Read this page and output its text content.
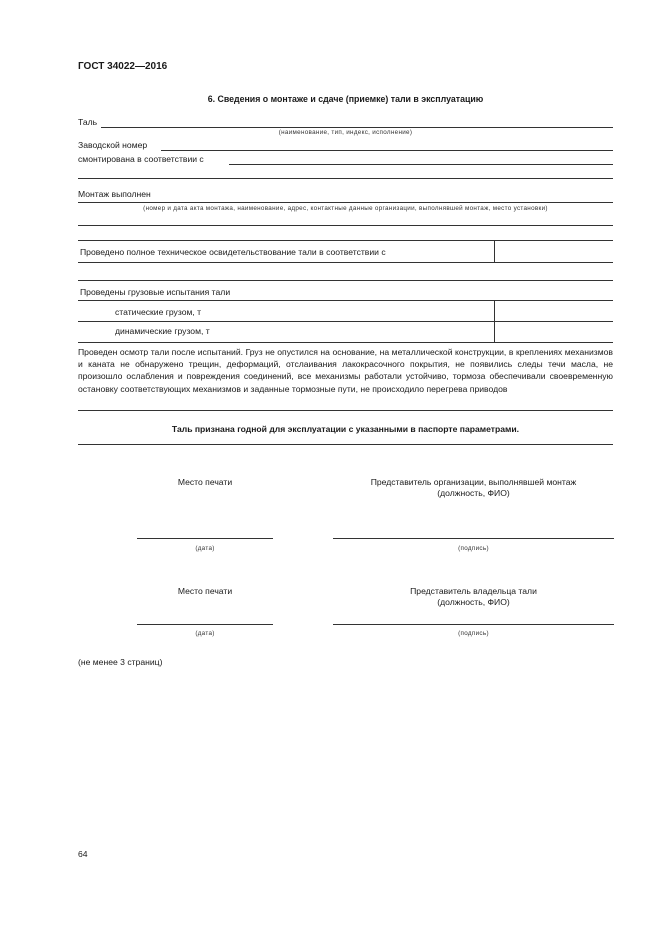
ГОСТ 34022—2016
6. Сведения о монтаже и сдаче (приемке) тали в эксплуатацию
Таль
(наименование, тип, индекс, исполнение)
Заводской номер
смонтирована в соответствии с
Монтаж выполнен
(номер и дата акта монтажа, наименование, адрес, контактные данные организации, выполнявшей монтаж, место установки)
Проведено полное техническое освидетельствование тали в соответствии с
Проведены грузовые испытания тали
статические грузом, т
динамические грузом, т
Проведен осмотр тали после испытаний. Груз не опустился на основание, на металлической конструкции, в креплениях механизмов и каната не обнаружено трещин, деформаций, отслаивания лакокрасочного покрытия, не появились следы течи масла, не произошло ослабления и повреждения соединений, все механизмы работали устойчиво, тормоза обеспечивали своевременную остановку соответствующих механизмов и заданные тормозные пути, не происходило перегрева приводов
Таль признана годной для эксплуатации с указанными в паспорте параметрами.
Место печати	Представитель организации, выполнявшей монтаж
(должность, ФИО)
(дата)	(подпись)
Место печати	Представитель владельца тали
(должность, ФИО)
(дата)	(подпись)
(не менее 3 страниц)
64
